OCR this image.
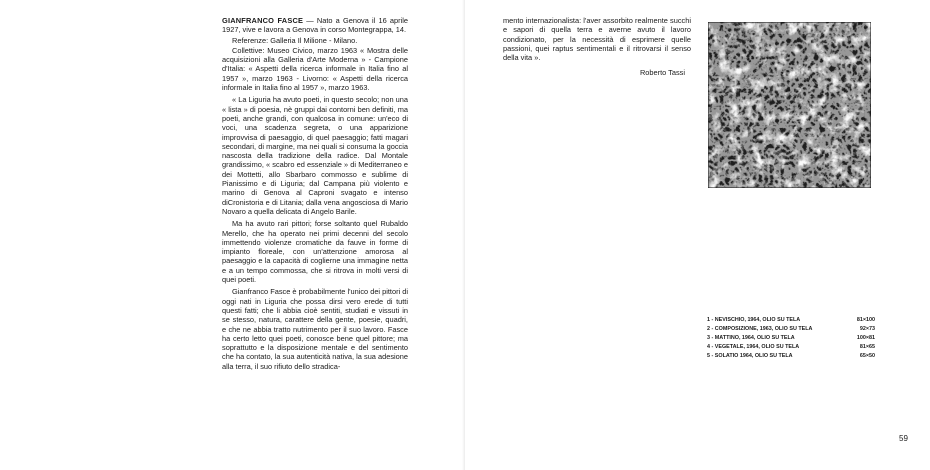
GIANFRANCO FASCE — Nato a Genova il 16 aprile 1927, vive e lavora a Genova in corso Montegrappa, 14.

Referenze: Galleria Il Milione - Milano.

Collettive: Museo Civico, marzo 1963 « Mostra delle acquisizioni alla Galleria d'Arte Moderna » - Campione d'Italia: « Aspetti della ricerca informale in Italia fino al 1957 », marzo 1963 - Livorno: « Aspetti della ricerca informale in Italia fino al 1957 », marzo 1963.

« La Liguria ha avuto poeti, in questo secolo; non una « lista » di poesia, nè gruppi dai contorni ben definiti, ma poeti, anche grandi, con qualcosa in comune: un'eco di voci, una scadenza segreta, o una apparizione improvvisa di paesaggio, di quel paesaggio; fatti magari secondari, di margine, ma nei quali si consuma la goccia nascosta della tradizione della radice. Dal Montale grandissimo, « scabro ed essenziale » di Mediterraneo e dei Mottetti, allo Sbarbaro commosso e sublime di Pianissimo e di Liguria; dal Campana più violento e marino di Genova al Caproni svagato e intenso diCronistoria e di Litania; dalla vena angosciosa di Mario Novaro a quella delicata di Angelo Barile.

Ma ha avuto rari pittori; forse soltanto quel Rubaldo Merello, che ha operato nei primi decenni del secolo immettendo violenze cromatiche da fauve in forme di impianto floreale, con un'attenzione amorosa al paesaggio e la capacità di coglierne una immagine netta e a un tempo commossa, che si ritrova in molti versi di quei poeti.

Gianfranco Fasce è probabilmente l'unico dei pittori di oggi nati in Liguria che possa dirsi vero erede di tutti questi fatti; che li abbia cioè sentiti, studiati e vissuti in se stesso, natura, carattere della gente, poesie, quadri, e che ne abbia tratto nutrimento per il suo lavoro. Fasce ha certo letto quei poeti, conosce bene quel pittore; ma soprattutto e la disposizione mentale e del sentimento che ha contato, la sua autenticità nativa, la sua adesione alla terra, il suo rifiuto dello stradica-

mento internazionalista: l'aver assorbito realmente succhi e sapori di quella terra e averne avuto il lavoro condizionato, per la necessità di esprimere quelle passioni, quei raptus sentimentali e il ritrovarsi il senso della vita ».

Roberto Tassi
1 - NEVISCHIO, 1964, OLIO SU TELA	81×100
2 - COMPOSIZIONE, 1963, OLIO SU TELA	92×73
3 - MATTINO, 1964, OLIO SU TELA	100×81
4 - VEGETALE, 1964, OLIO SU TELA	81×65
5 - SOLATIO 1964, OLIO SU TELA	65×50
59
